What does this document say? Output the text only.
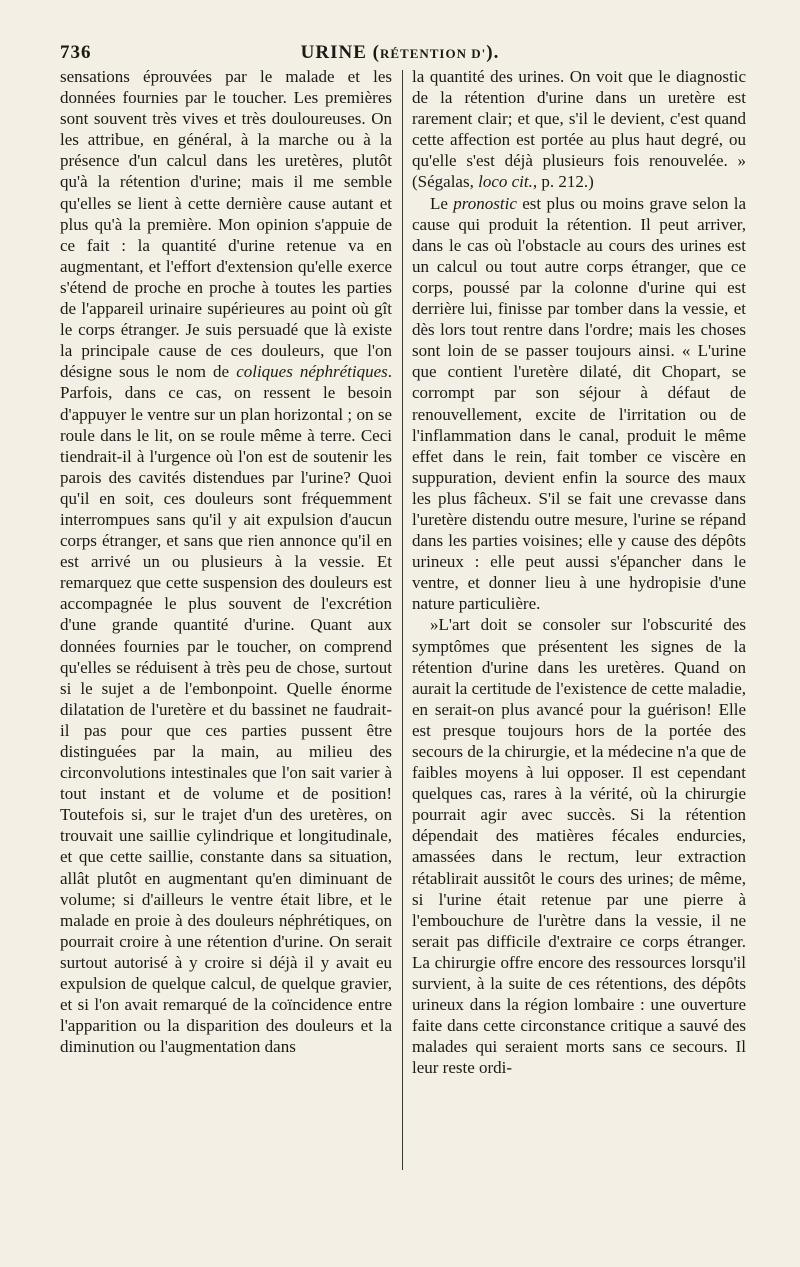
736	URINE (RÉTENTION D').

sensations éprouvées par le malade et les données fournies par le toucher. Les premières sont souvent très vives et très douloureuses. On les attribue, en général, à la marche ou à la présence d'un calcul dans les uretères, plutôt qu'à la rétention d'urine; mais il me semble qu'elles se lient à cette dernière cause autant et plus qu'à la première. Mon opinion s'appuie de ce fait : la quantité d'urine retenue va en augmentant, et l'effort d'extension qu'elle exerce s'étend de proche en proche à toutes les parties de l'appareil urinaire supérieures au point où gît le corps étranger. Je suis persuadé que là existe la principale cause de ces douleurs, que l'on désigne sous le nom de coliques néphrétiques. Parfois, dans ce cas, on ressent le besoin d'appuyer le ventre sur un plan horizontal ; on se roule dans le lit, on se roule même à terre. Ceci tiendrait-il à l'urgence où l'on est de soutenir les parois des cavités distendues par l'urine? Quoi qu'il en soit, ces douleurs sont fréquemment interrompues sans qu'il y ait expulsion d'aucun corps étranger, et sans que rien annonce qu'il en est arrivé un ou plusieurs à la vessie. Et remarquez que cette suspension des douleurs est accompagnée le plus souvent de l'excrétion d'une grande quantité d'urine. Quant aux données fournies par le toucher, on comprend qu'elles se réduisent à très peu de chose, surtout si le sujet a de l'embonpoint. Quelle énorme dilatation de l'uretère et du bassinet ne faudrait-il pas pour que ces parties pussent être distinguées par la main, au milieu des circonvolutions intestinales que l'on sait varier à tout instant et de volume et de position! Toutefois si, sur le trajet d'un des uretères, on trouvait une saillie cylindrique et longitudinale, et que cette saillie, constante dans sa situation, allât plutôt en augmentant qu'en diminuant de volume; si d'ailleurs le ventre était libre, et le malade en proie à des douleurs néphrétiques, on pourrait croire à une rétention d'urine. On serait surtout autorisé à y croire si déjà il y avait eu expulsion de quelque calcul, de quelque gravier, et si l'on avait remarqué de la coïncidence entre l'apparition ou la disparition des douleurs et la diminution ou l'augmentation dans

la quantité des urines. On voit que le diagnostic de la rétention d'urine dans un uretère est rarement clair; et que, s'il le devient, c'est quand cette affection est portée au plus haut degré, ou qu'elle s'est déjà plusieurs fois renouvelée. » (Ségalas, loco cit., p. 212.)

Le pronostic est plus ou moins grave selon la cause qui produit la rétention. Il peut arriver, dans le cas où l'obstacle au cours des urines est un calcul ou tout autre corps étranger, que ce corps, poussé par la colonne d'urine qui est derrière lui, finisse par tomber dans la vessie, et dès lors tout rentre dans l'ordre; mais les choses sont loin de se passer toujours ainsi. « L'urine que contient l'uretère dilaté, dit Chopart, se corrompt par son séjour à défaut de renouvellement, excite de l'irritation ou de l'inflammation dans le canal, produit le même effet dans le rein, fait tomber ce viscère en suppuration, devient enfin la source des maux les plus fâcheux. S'il se fait une crevasse dans l'uretère distendu outre mesure, l'urine se répand dans les parties voisines; elle y cause des dépôts urineux : elle peut aussi s'épancher dans le ventre, et donner lieu à une hydropisie d'une nature particulière.

»L'art doit se consoler sur l'obscurité des symptômes que présentent les signes de la rétention d'urine dans les uretères. Quand on aurait la certitude de l'existence de cette maladie, en serait-on plus avancé pour la guérison! Elle est presque toujours hors de la portée des secours de la chirurgie, et la médecine n'a que de faibles moyens à lui opposer. Il est cependant quelques cas, rares à la vérité, où la chirurgie pourrait agir avec succès. Si la rétention dépendait des matières fécales endurcies, amassées dans le rectum, leur extraction rétablirait aussitôt le cours des urines; de même, si l'urine était retenue par une pierre à l'embouchure de l'urètre dans la vessie, il ne serait pas difficile d'extraire ce corps étranger. La chirurgie offre encore des ressources lorsqu'il survient, à la suite de ces rétentions, des dépôts urineux dans la région lombaire : une ouverture faite dans cette circonstance critique a sauvé des malades qui seraient morts sans ce secours. Il leur reste ordi-
